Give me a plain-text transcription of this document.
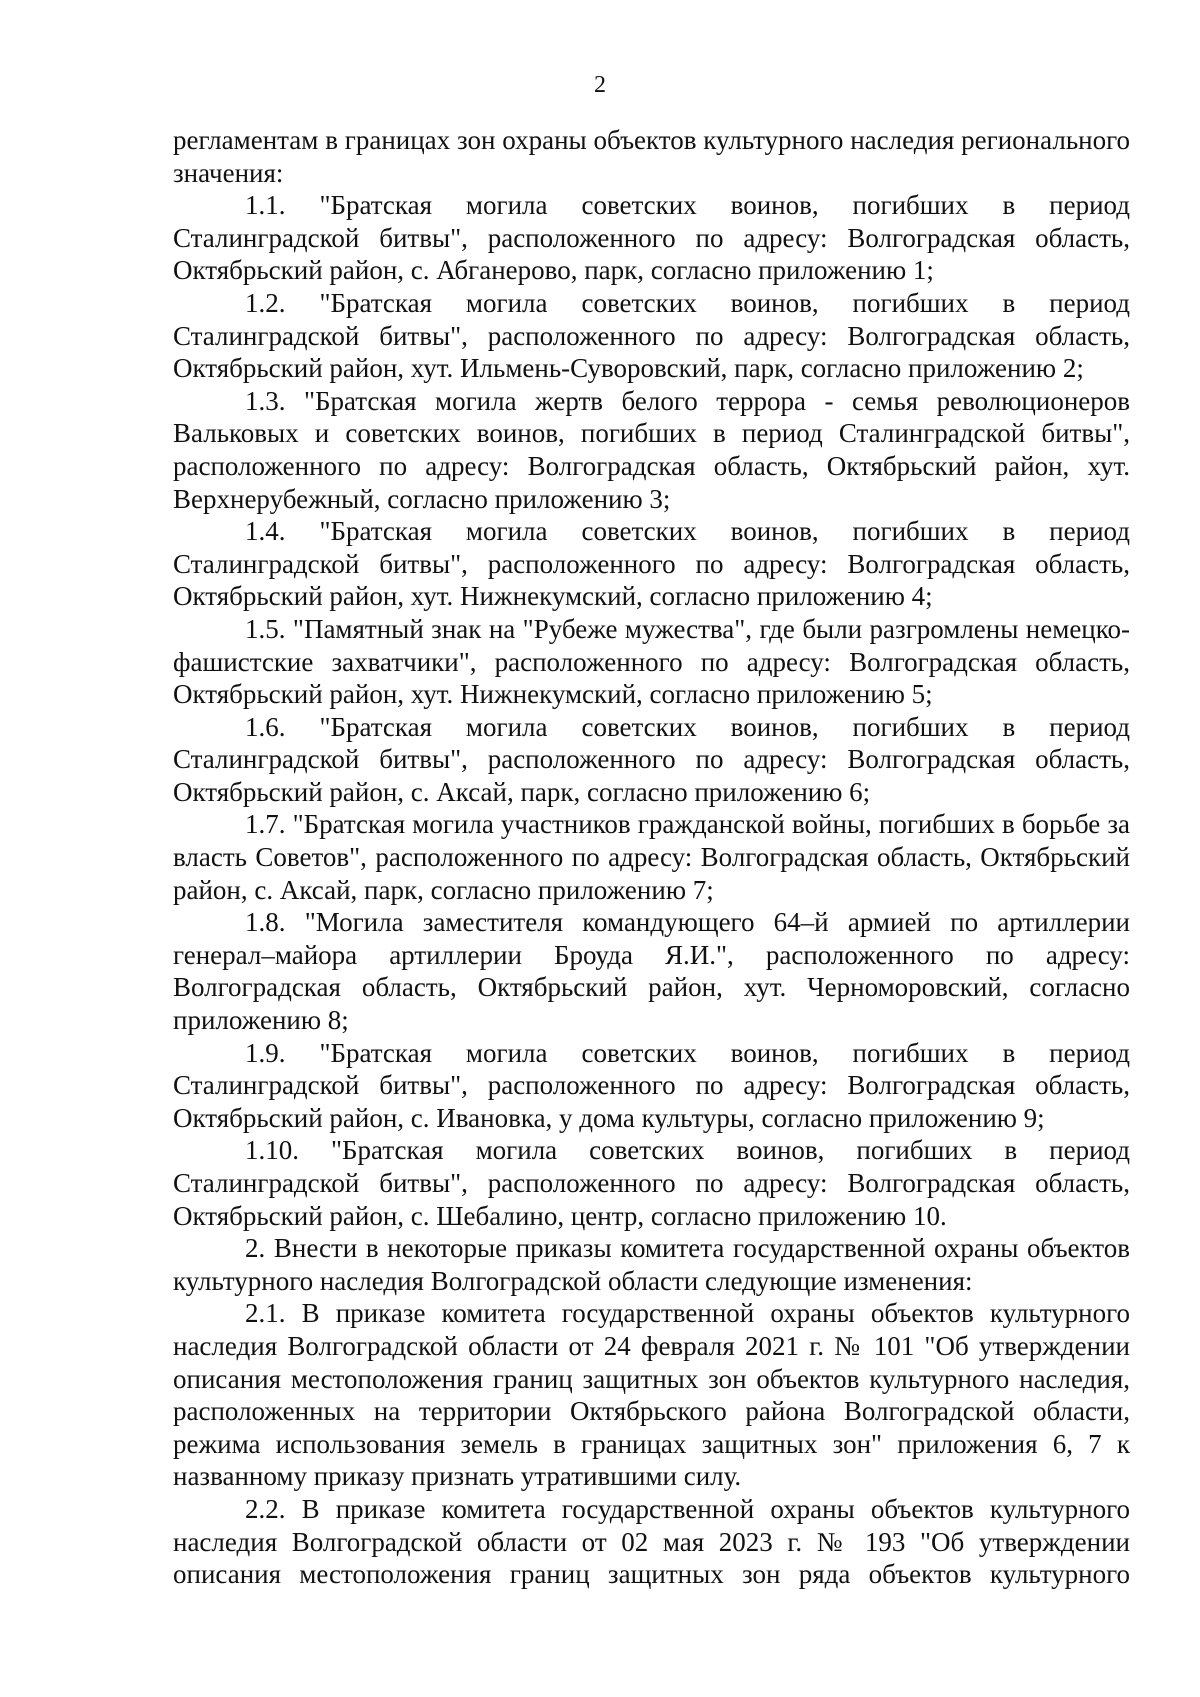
2

регламентам в границах зон охраны объектов культурного наследия регионального значения:

1.1. "Братская могила советских воинов, погибших в период Сталинградской битвы", расположенного по адресу: Волгоградская область, Октябрьский район, с. Абганерово, парк, согласно приложению 1;

1.2. "Братская могила советских воинов, погибших в период Сталинградской битвы", расположенного по адресу: Волгоградская область, Октябрьский район, хут. Ильмень-Суворовский, парк, согласно приложению 2;

1.3. "Братская могила жертв белого террора - семья революционеров Вальковых и советских воинов, погибших в период Сталинградской битвы", расположенного по адресу: Волгоградская область, Октябрьский район, хут. Верхнерубежный, согласно приложению 3;

1.4. "Братская могила советских воинов, погибших в период Сталинградской битвы", расположенного по адресу: Волгоградская область, Октябрьский район, хут. Нижнекумский, согласно приложению 4;

1.5. "Памятный знак на "Рубеже мужества", где были разгромлены немецко-фашистские захватчики", расположенного по адресу: Волгоградская область, Октябрьский район, хут. Нижнекумский, согласно приложению 5;

1.6. "Братская могила советских воинов, погибших в период Сталинградской битвы", расположенного по адресу: Волгоградская область, Октябрьский район, с. Аксай, парк, согласно приложению 6;

1.7. "Братская могила участников гражданской войны, погибших в борьбе за власть Советов", расположенного по адресу: Волгоградская область, Октябрьский район, с. Аксай, парк, согласно приложению 7;

1.8. "Могила заместителя командующего 64–й армией по артиллерии генерал–майора артиллерии Броуда Я.И.", расположенного по адресу: Волгоградская область, Октябрьский район, хут. Черноморовский, согласно приложению 8;

1.9. "Братская могила советских воинов, погибших в период Сталинградской битвы", расположенного по адресу: Волгоградская область, Октябрьский район, с. Ивановка, у дома культуры, согласно приложению 9;

1.10. "Братская могила советских воинов, погибших в период Сталинградской битвы", расположенного по адресу: Волгоградская область, Октябрьский район, с. Шебалино, центр, согласно приложению 10.

2. Внести в некоторые приказы комитета государственной охраны объектов культурного наследия Волгоградской области следующие изменения:

2.1. В приказе комитета государственной охраны объектов культурного наследия Волгоградской области от 24 февраля 2021 г. № 101 "Об утверждении описания местоположения границ защитных зон объектов культурного наследия, расположенных на территории Октябрьского района Волгоградской области, режима использования земель в границах защитных зон" приложения 6, 7 к названному приказу признать утратившими силу.

2.2. В приказе комитета государственной охраны объектов культурного наследия Волгоградской области от 02 мая 2023 г. № 193 "Об утверждении описания местоположения границ защитных зон ряда объектов культурного
